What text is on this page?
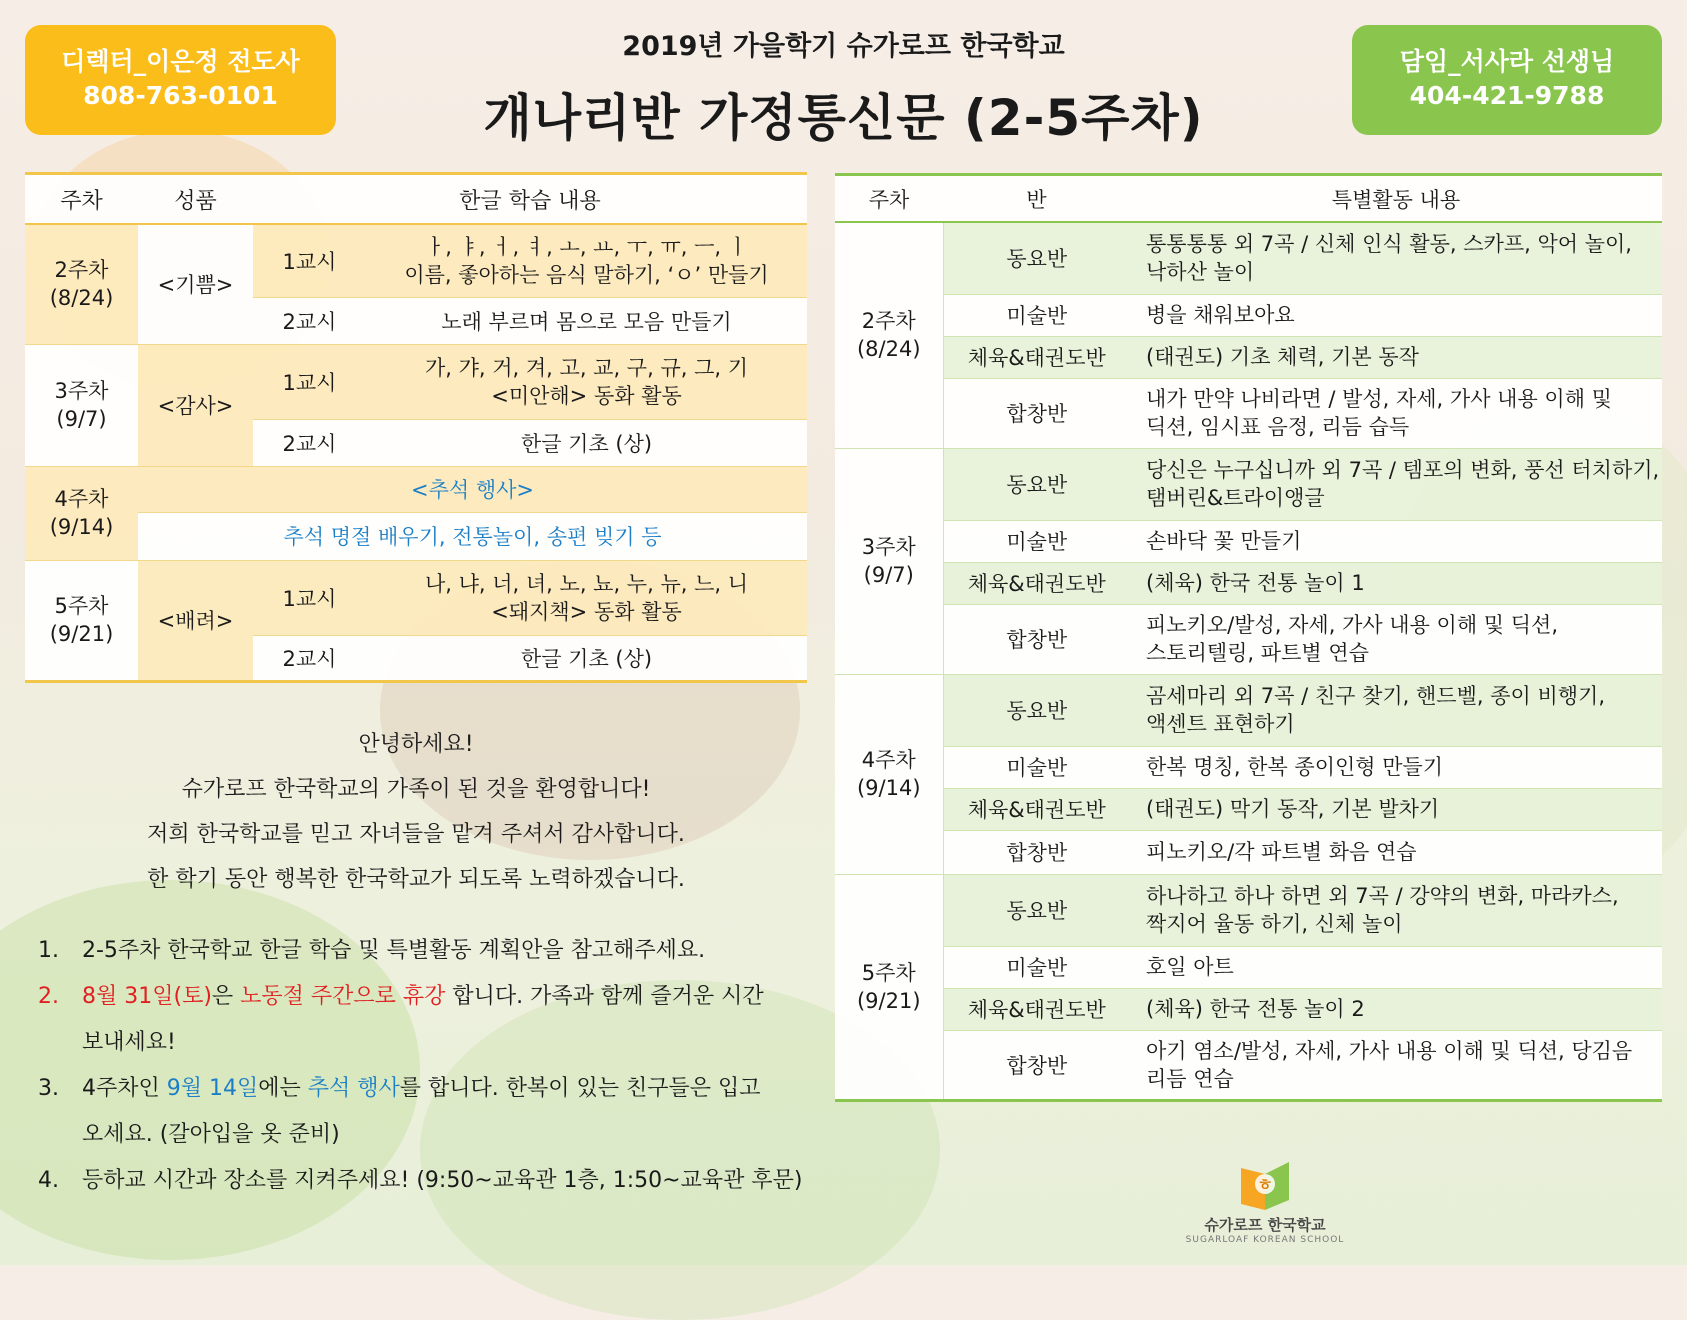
디렉터_이은정 전도사
808-763-0101
담임_서사라 선생님
404-421-9788
2019년 가을학기 슈가로프 한국학교
개나리반 가정통신문 (2-5주차)
주차	성품	한글 학습 내용	
2주차
(8/24)	<기쁨>	1교시	ㅏ, ㅑ, ㅓ, ㅕ, ㅗ, ㅛ, ㅜ, ㅠ, ㅡ, ㅣ
이름, 좋아하는 음식 말하기, ‘ㅇ’ 만들기
		2교시	노래 부르며 몸으로 모음 만들기
3주차
(9/7)	<감사>	1교시	가, 갸, 거, 겨, 고, 교, 구, 규, 그, 기
<미안해> 동화 활동
		2교시	한글 기초 (상)
4주차
(9/14)	<추석 행사>		
	추석 명절 배우기, 전통놀이, 송편 빚기 등		
5주차
(9/21)	<배려>	1교시	나, 냐, 너, 녀, 노, 뇨, 누, 뉴, 느, 니
<돼지책> 동화 활동
		2교시	한글 기초 (상)
주차	반	특별활동 내용
2주차
(8/24)	동요반	통통통통 외 7곡 / 신체 인식 활동, 스카프, 악어 놀이,
낙하산 놀이
	미술반	병을 채워보아요
	체육&태권도반	(태권도) 기초 체력, 기본 동작
	합창반	내가 만약 나비라면 / 발성, 자세, 가사 내용 이해 및
딕션, 임시표 음정, 리듬 습득
3주차
(9/7)	동요반	당신은 누구십니까 외 7곡 / 템포의 변화, 풍선 터치하기,
탬버린&트라이앵글
	미술반	손바닥 꽃 만들기
	체육&태권도반	(체육) 한국 전통 놀이 1
	합창반	피노키오/발성, 자세, 가사 내용 이해 및 딕션,
스토리텔링, 파트별 연습
4주차
(9/14)	동요반	곰세마리 외 7곡 / 친구 찾기, 핸드벨, 종이 비행기,
액센트 표현하기
	미술반	한복 명칭, 한복 종이인형 만들기
	체육&태권도반	(태권도) 막기 동작, 기본 발차기
	합창반	피노키오/각 파트별 화음 연습
5주차
(9/21)	동요반	하나하고 하나 하면 외 7곡 / 강약의 변화, 마라카스,
짝지어 율동 하기, 신체 놀이
	미술반	호일 아트
	체육&태권도반	(체육) 한국 전통 놀이 2
	합창반	아기 염소/발성, 자세, 가사 내용 이해 및 딕션, 당김음
리듬 연습
안녕하세요!
슈가로프 한국학교의 가족이 된 것을 환영합니다!
저희 한국학교를 믿고 자녀들을 맡겨 주셔서 감사합니다.
한 학기 동안 행복한 한국학교가 되도록 노력하겠습니다.
1. 2-5주차 한국학교 한글 학습 및 특별활동 계획안을 참고해주세요.
2. 8월 31일(토)은 노동절 주간으로 휴강 합니다. 가족과 함께 즐거운 시간
보내세요!
3. 4주차인 9월 14일에는 추석 행사를 합니다. 한복이 있는 친구들은 입고
오세요. (갈아입을 옷 준비)
4. 등하교 시간과 장소를 지켜주세요! (9:50~교육관 1층, 1:50~교육관 후문)	ㅎ
슈가로프 한국학교
SUGARLOAF KOREAN SCHOOL
